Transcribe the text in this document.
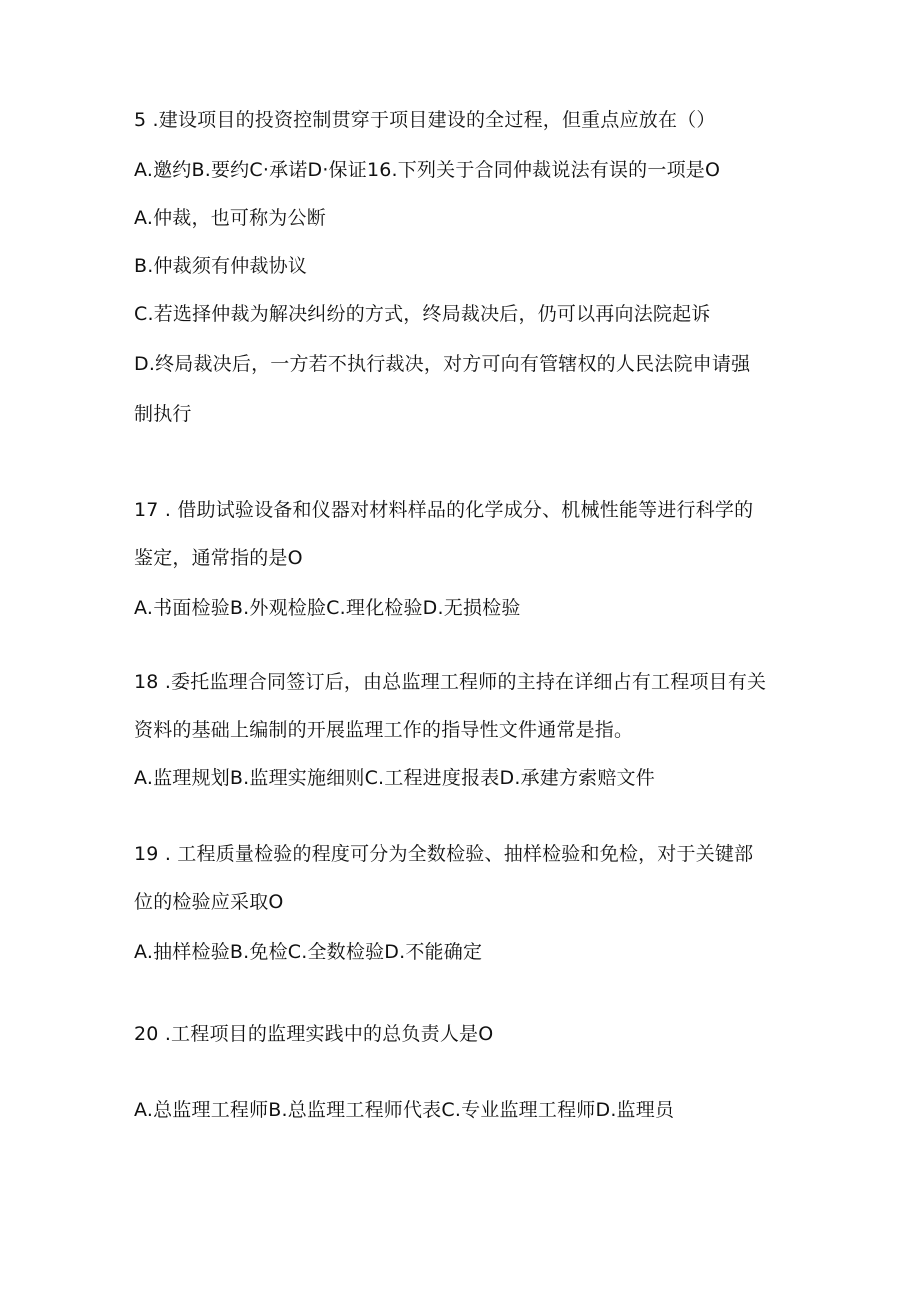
5 .建设项目的投资控制贯穿于项目建设的全过程，但重点应放在（）
A.邀约B.要约C·承诺D·保证16.下列关于合同仲裁说法有误的一项是O
A.仲裁，也可称为公断
B.仲裁须有仲裁协议
C.若选择仲裁为解决纠纷的方式，终局裁决后，仍可以再向法院起诉
D.终局裁决后，一方若不执行裁决，对方可向有管辖权的人民法院申请强
制执行
17 . 借助试验设备和仪器对材料样品的化学成分、机械性能等进行科学的
鉴定，通常指的是O
A.书面检验B.外观检脸C.理化检验D.无损检验
18 .委托监理合同签订后，由总监理工程师的主持在详细占有工程项目有关
资料的基础上编制的开展监理工作的指导性文件通常是指。
A.监理规划B.监理实施细则C.工程进度报表D.承建方索赔文件
19 . 工程质量检验的程度可分为全数检验、抽样检验和免检，对于关键部
位的检验应采取O
A.抽样检验B.免检C.全数检验D.不能确定
20 .工程项目的监理实践中的总负责人是O
A.总监理工程师B.总监理工程师代表C.专业监理工程师D.监理员
